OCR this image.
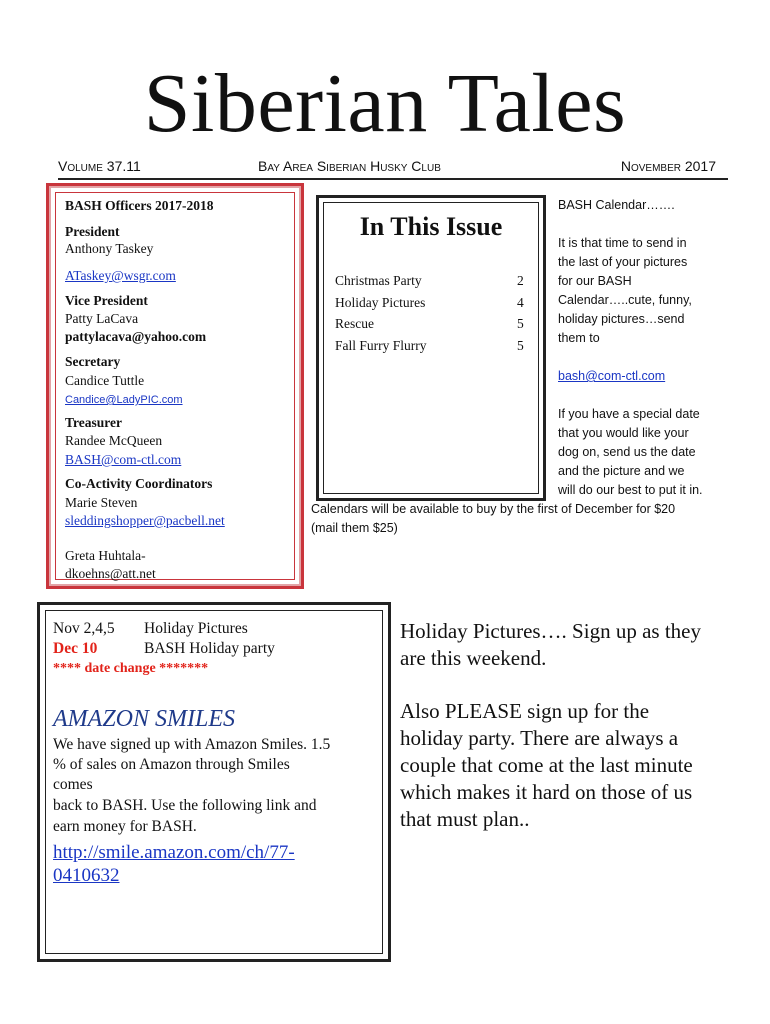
Siberian Tales
Volume 37.11	Bay Area Siberian Husky Club	November 2017
BASH Officers 2017-2018
President
Anthony Taskey
ATaskey@wsgr.com
Vice President
Patty LaCava
pattylacava@yahoo.com
Secretary
Candice Tuttle
Candice@LadyPIC.com
Treasurer
Randee McQueen
BASH@com-ctl.com
Co-Activity Coordinators
Marie Steven
sleddingshopper@pacbell.net
Greta Huhtala-
dkoehns@att.net
In This Issue
Christmas Party	2
Holiday Pictures	4
Rescue	5
Fall Furry Flurry	5
BASH Calendar…….
It is that time to send in
the last of your pictures
for our BASH
Calendar…..cute, funny,
holiday pictures…send
them to
bash@com-ctl.com
If you have a special date
that you would like your
dog on, send us the date
and the picture and we
will do our best to put it in.
Calendars will be available to buy by the first of December for $20
(mail them $25)
Nov 2,4,5 Holiday Pictures
Dec 10	BASH Holiday party
**** date change *******
AMAZON SMILES
We have signed up with Amazon Smiles. 1.5
% of sales on Amazon through Smiles
comes
back to BASH. Use the following link and
earn money for BASH.
http://smile.amazon.com/ch/77-
0410632
Holiday Pictures…. Sign up as they
are this weekend.
Also PLEASE sign up for the
holiday party. There are always a
couple that come at the last minute
which makes it hard on those of us
that must plan..
